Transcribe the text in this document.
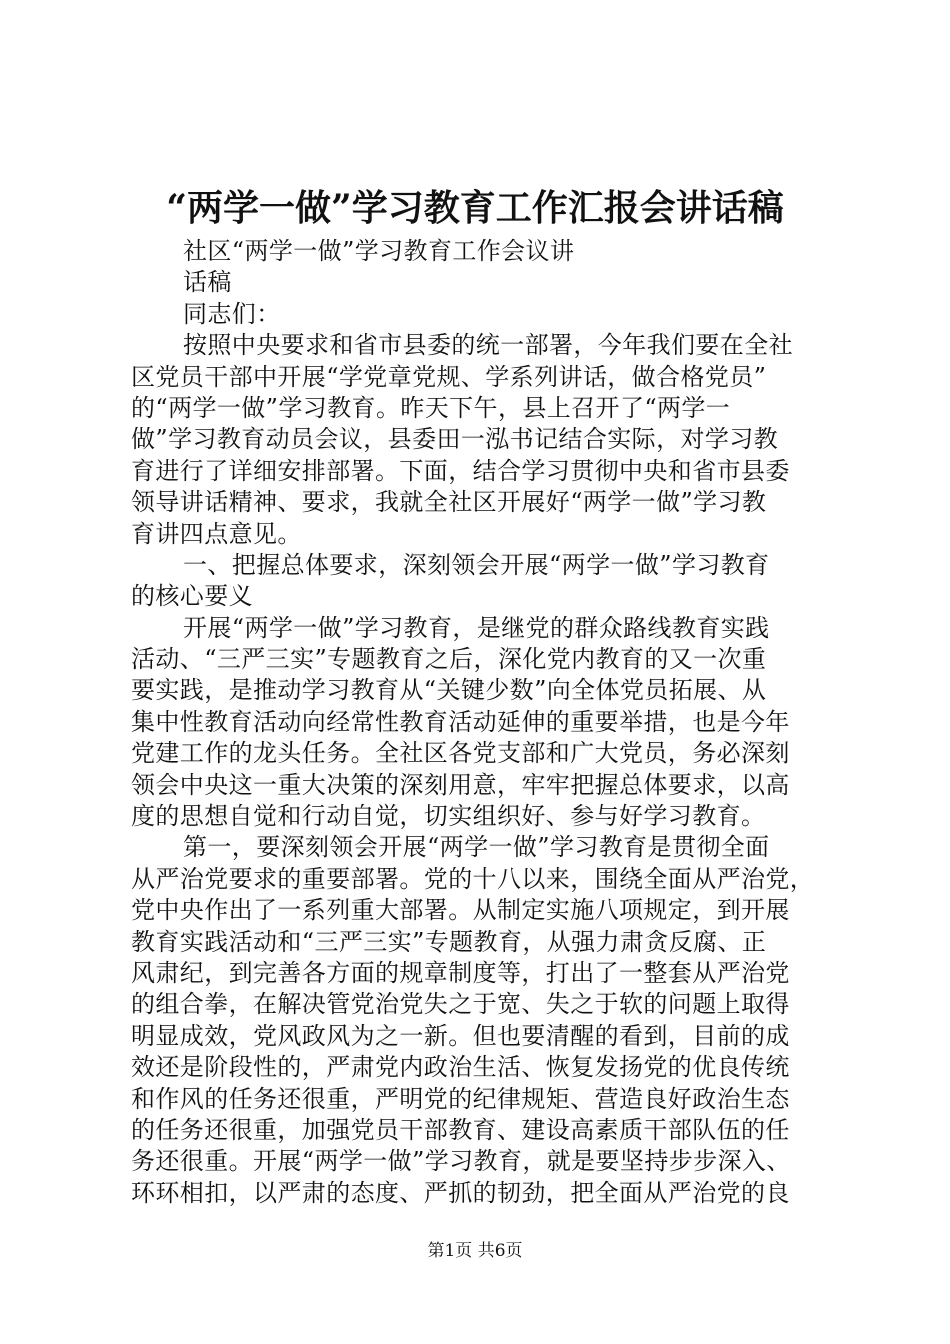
“两学一做”学习教育工作汇报会讲话稿
社区“两学一做”学习教育工作会议讲
话稿
同志们：
按照中央要求和省市县委的统一部署，今年我们要在全社
区党员干部中开展“学党章党规、学系列讲话，做合格党员”
的“两学一做”学习教育。昨天下午，县上召开了“两学一
做”学习教育动员会议，县委田一泓书记结合实际，对学习教
育进行了详细安排部署。下面，结合学习贯彻中央和省市县委
领导讲话精神、要求，我就全社区开展好“两学一做”学习教
育讲四点意见。
一、把握总体要求，深刻领会开展“两学一做”学习教育
的核心要义
开展“两学一做”学习教育，是继党的群众路线教育实践
活动、“三严三实”专题教育之后，深化党内教育的又一次重
要实践，是推动学习教育从“关键少数”向全体党员拓展、从
集中性教育活动向经常性教育活动延伸的重要举措，也是今年
党建工作的龙头任务。全社区各党支部和广大党员，务必深刻
领会中央这一重大决策的深刻用意，牢牢把握总体要求，以高
度的思想自觉和行动自觉，切实组织好、参与好学习教育。
第一，要深刻领会开展“两学一做”学习教育是贯彻全面
从严治党要求的重要部署。党的十八以来，围绕全面从严治党，
党中央作出了一系列重大部署。从制定实施八项规定，到开展
教育实践活动和“三严三实”专题教育，从强力肃贪反腐、正
风肃纪，到完善各方面的规章制度等，打出了一整套从严治党
的组合拳，在解决管党治党失之于宽、失之于软的问题上取得
明显成效，党风政风为之一新。但也要清醒的看到，目前的成
效还是阶段性的，严肃党内政治生活、恢复发扬党的优良传统
和作风的任务还很重，严明党的纪律规矩、营造良好政治生态
的任务还很重，加强党员干部教育、建设高素质干部队伍的任
务还很重。开展“两学一做”学习教育，就是要坚持步步深入、
环环相扣，以严肃的态度、严抓的韧劲，把全面从严治党的良
第1页 共6页
